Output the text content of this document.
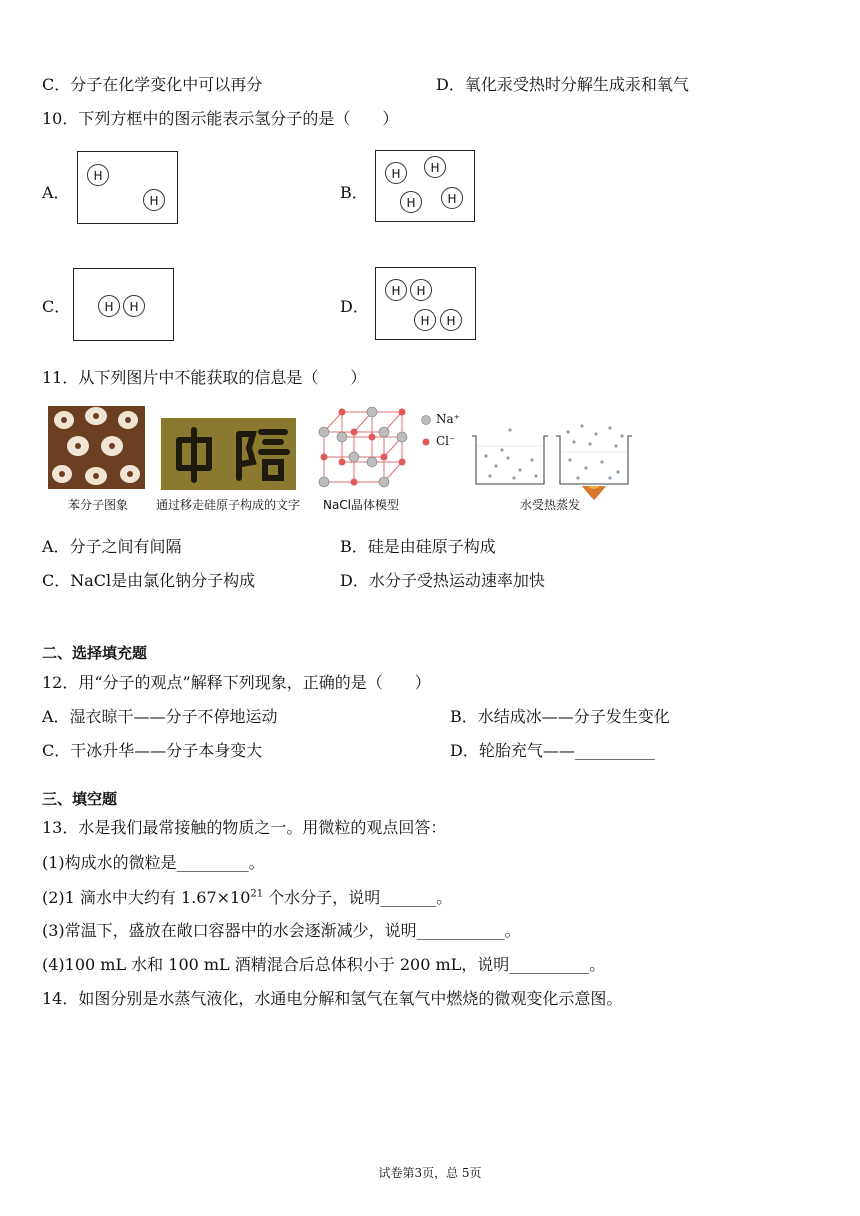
C．分子在化学变化中可以再分	D．氧化汞受热时分解生成汞和氧气
10．下列方框中的图示能表示氢分子的是（　　）
A．
H
H	B．
H	H
H	H
C．	H	H	D．
H	H
H	H
11．从下列图片中不能获取的信息是（　　）
苯分子图象	通过移走硅原子构成的文字
Na⁺
Cl⁻
NaCl晶体模型	水受热蒸发
A．分子之间有间隔	B．硅是由硅原子构成
C．NaCl是由氯化钠分子构成	D．水分子受热运动速率加快
二、选择填充题
12．用“分子的观点”解释下列现象，正确的是（　　）
A．湿衣晾干——分子不停地运动	B．水结成冰——分子发生变化
C．干冰升华——分子本身变大	D．轮胎充气——__________
三、填空题
13．水是我们最常接触的物质之一。用微粒的观点回答：
(1)构成水的微粒是_________。
(2)1 滴水中大约有 $1.67\times 10^{21}$ 个水分子，说明_______。
(3)常温下，盛放在敞口容器中的水会逐渐减少，说明___________。
(4)100 mL 水和 100 mL 酒精混合后总体积小于 200 mL，说明__________。
14．如图分别是水蒸气液化，水通电分解和氢气在氧气中燃烧的微观变化示意图。
试卷第3页，总 5页
